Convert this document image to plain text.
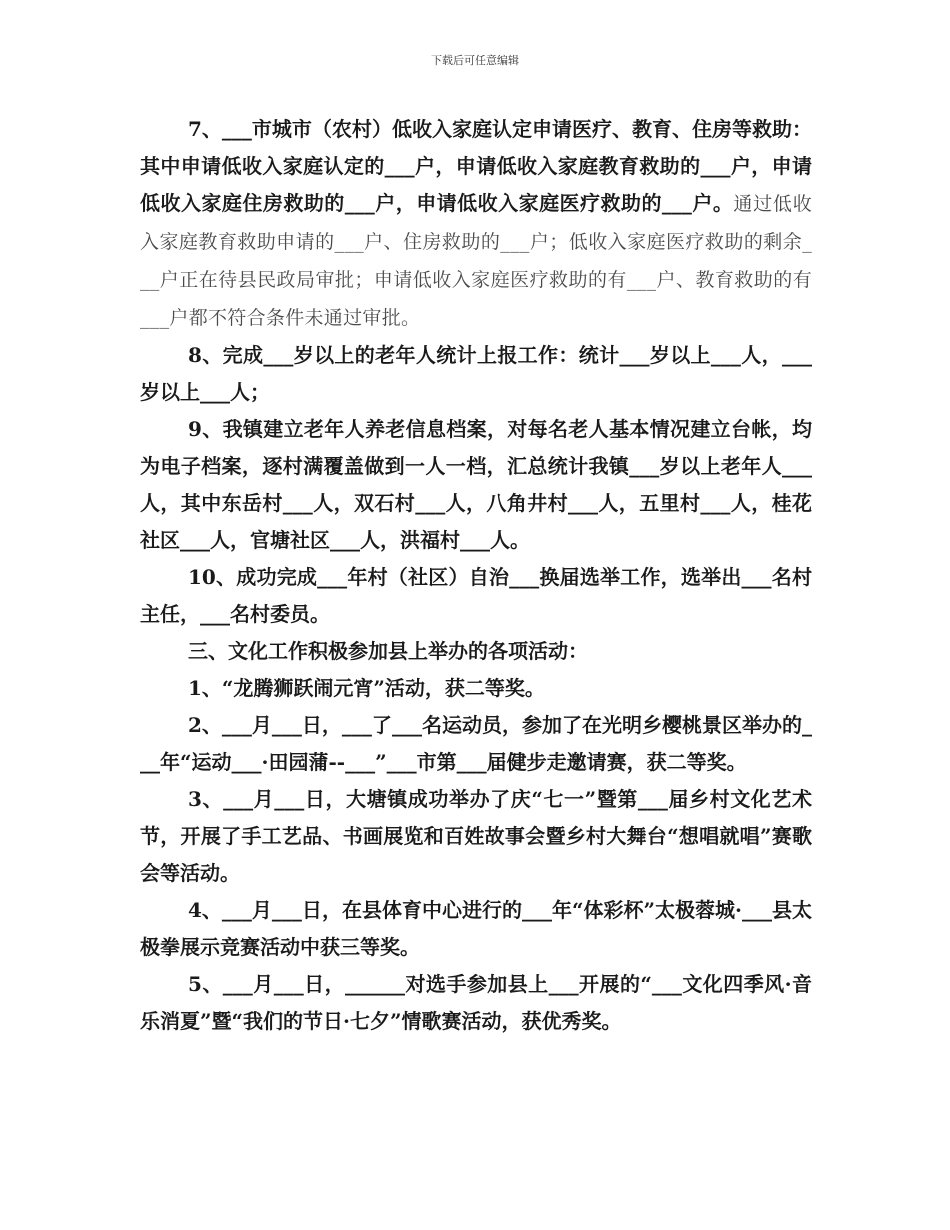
下载后可任意编辑
7、___市城市（农村）低收入家庭认定申请医疗、教育、住房等救助：其中申请低收入家庭认定的___户，申请低收入家庭教育救助的___户，申请低收入家庭住房救助的___户，申请低收入家庭医疗救助的___户。通过低收入家庭教育救助申请的___户、住房救助的___户；低收入家庭医疗救助的剩余___户正在待县民政局审批；申请低收入家庭医疗救助的有___户、教育救助的有___户都不符合条件未通过审批。

8、完成___岁以上的老年人统计上报工作：统计___岁以上___人，___岁以上___人；

9、我镇建立老年人养老信息档案，对每名老人基本情况建立台帐，均为电子档案，逐村满覆盖做到一人一档，汇总统计我镇___岁以上老年人___人，其中东岳村___人，双石村___人，八角井村___人，五里村___人，桂花社区___人，官塘社区___人，洪福村___人。

10、成功完成___年村（社区）自治___换届选举工作，选举出___名村主任，___名村委员。

三、文化工作积极参加县上举办的各项活动：

1、“龙腾狮跃闹元宵”活动，获二等奖。

2、___月___日，___了___名运动员，参加了在光明乡樱桃景区举办的___年“运动___·田园蒲--___”___市第___届健步走邀请赛，获二等奖。

3、___月___日，大塘镇成功举办了庆“七一”暨第___届乡村文化艺术节，开展了手工艺品、书画展览和百姓故事会暨乡村大舞台“想唱就唱”赛歌会等活动。

4、___月___日，在县体育中心进行的___年“体彩杯”太极蓉城·___县太极拳展示竞赛活动中获三等奖。

5、___月___日，______对选手参加县上___开展的“___文化四季风·音乐消夏”暨“我们的节日·七夕”情歌赛活动，获优秀奖。
